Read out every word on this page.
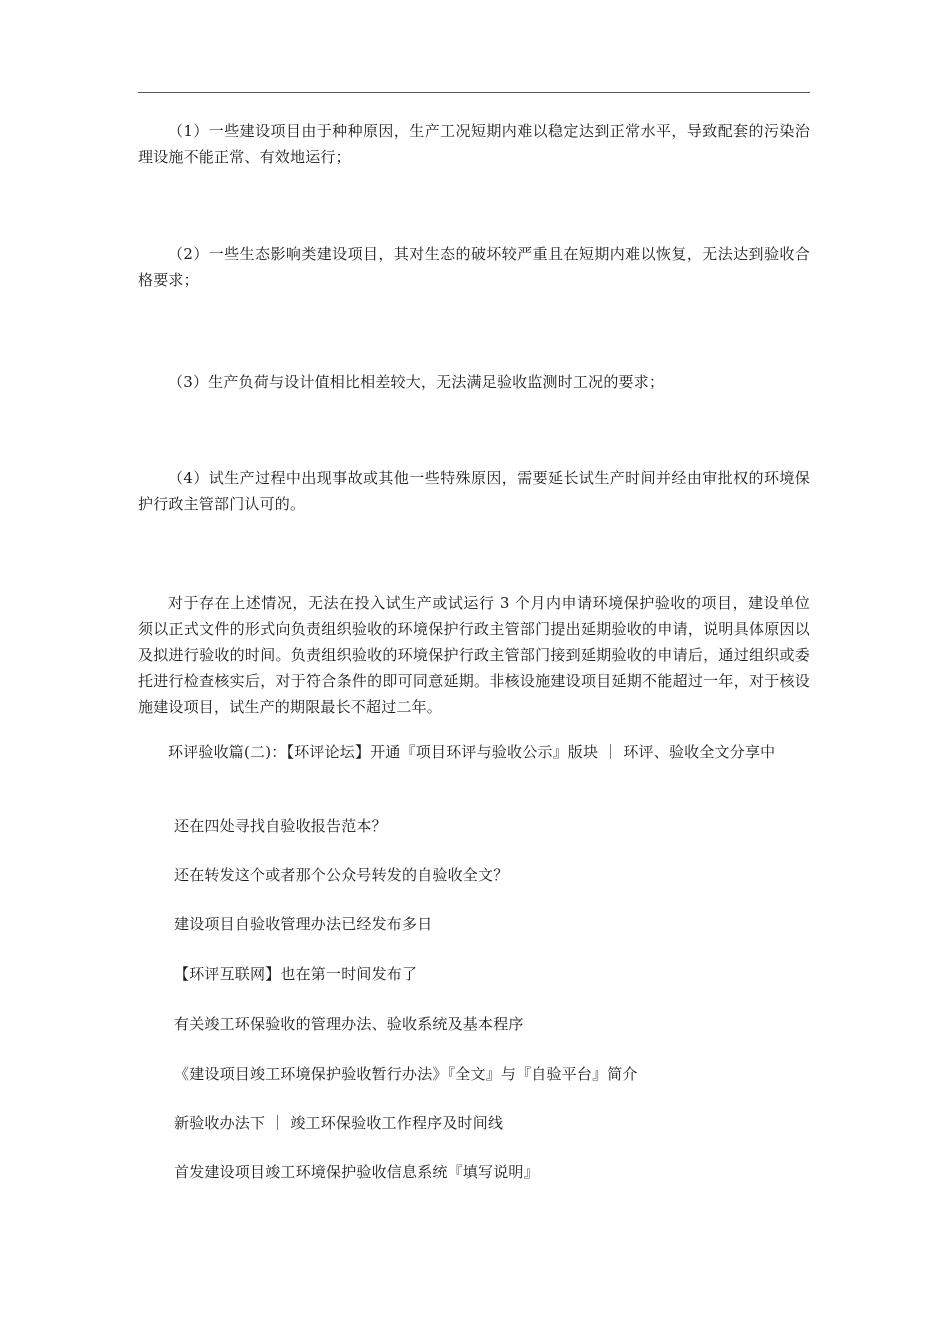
（1）一些建设项目由于种种原因，生产工况短期内难以稳定达到正常水平，导致配套的污染治理设施不能正常、有效地运行；

（2）一些生态影响类建设项目，其对生态的破坏较严重且在短期内难以恢复，无法达到验收合格要求；

（3）生产负荷与设计值相比相差较大，无法满足验收监测时工况的要求；

（4）试生产过程中出现事故或其他一些特殊原因，需要延长试生产时间并经由审批权的环境保护行政主管部门认可的。

对于存在上述情况，无法在投入试生产或试运行 3 个月内申请环境保护验收的项目，建设单位须以正式文件的形式向负责组织验收的环境保护行政主管部门提出延期验收的申请，说明具体原因以及拟进行验收的时间。负责组织验收的环境保护行政主管部门接到延期验收的申请后，通过组织或委托进行检查核实后，对于符合条件的即可同意延期。非核设施建设项目延期不能超过一年，对于核设施建设项目，试生产的期限最长不超过二年。

环评验收篇(二)：【环评论坛】开通『项目环评与验收公示』版块 ｜ 环评、验收全文分享中

还在四处寻找自验收报告范本？

还在转发这个或者那个公众号转发的自验收全文？

建设项目自验收管理办法已经发布多日

【环评互联网】也在第一时间发布了

有关竣工环保验收的管理办法、验收系统及基本程序

《建设项目竣工环境保护验收暂行办法》『全文』与『自验平台』简介

新验收办法下 ｜ 竣工环保验收工作程序及时间线

首发建设项目竣工环境保护验收信息系统『填写说明』
